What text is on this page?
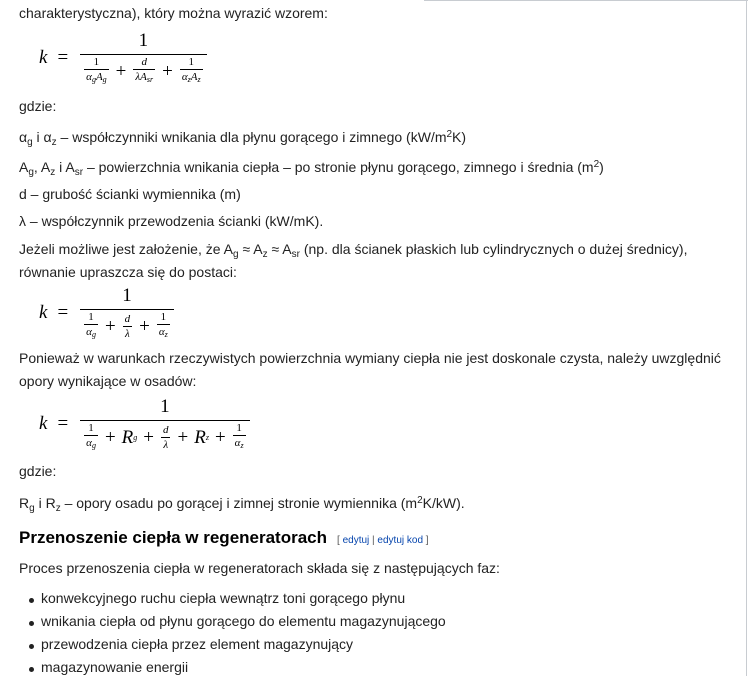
charakterystyczna), który można wyrazić wzorem:

k =
1
$\frac{1}{\alpha_gA_g} + \frac{d}{\lambda A_{sr}} + \frac{1}{\alpha_zA_z}$

gdzie:

$\alpha_g$ i $\alpha_z$ – współczynniki wnikania dla płynu gorącego i zimnego $(kW/m^2K)$

$A_g$, $A_z$ i $A_{sr}$ – powierzchnia wnikania ciepła – po stronie płynu gorącego, zimnego i średnia $(m^2)$

d – grubość ścianki wymiennika (m)

λ – współczynnik przewodzenia ścianki (kW/mK).

Jeżeli możliwe jest założenie, że $A_g \approx A_z \approx A_{sr}$ (np. dla ścianek płaskich lub cylindrycznych o dużej średnicy),

równanie upraszcza się do postaci:

$k = \frac{1}{\frac{1}{\alpha_g} + \frac{d}{\lambda} + \frac{1}{\alpha_z}}$

Ponieważ w warunkach rzeczywistych powierzchnia wymiany ciepła nie jest doskonale czysta, należy uwzględnić

opory wynikające w osadów:

k =
1
$\frac{1}{\alpha_g} + R$ $g + \frac{d}{\lambda} + R$ $z + \frac{1}{\alpha_z}$

gdzie:

$R_g$ i $R_z$ – opory osadu po gorącej i zimnej stronie wymiennika $(m^2K/kW)$.

Przenoszenie ciepła w regeneratorach [ edytuj | edytuj kod ]

Proces przenoszenia ciepła w regeneratorach składa się z następujących faz:

konwekcyjnego ruchu ciepła wewnątrz toni gorącego płynu
wnikania ciepła od płynu gorącego do elementu magazynującego
przewodzenia ciepła przez element magazynujący
magazynowanie energii
